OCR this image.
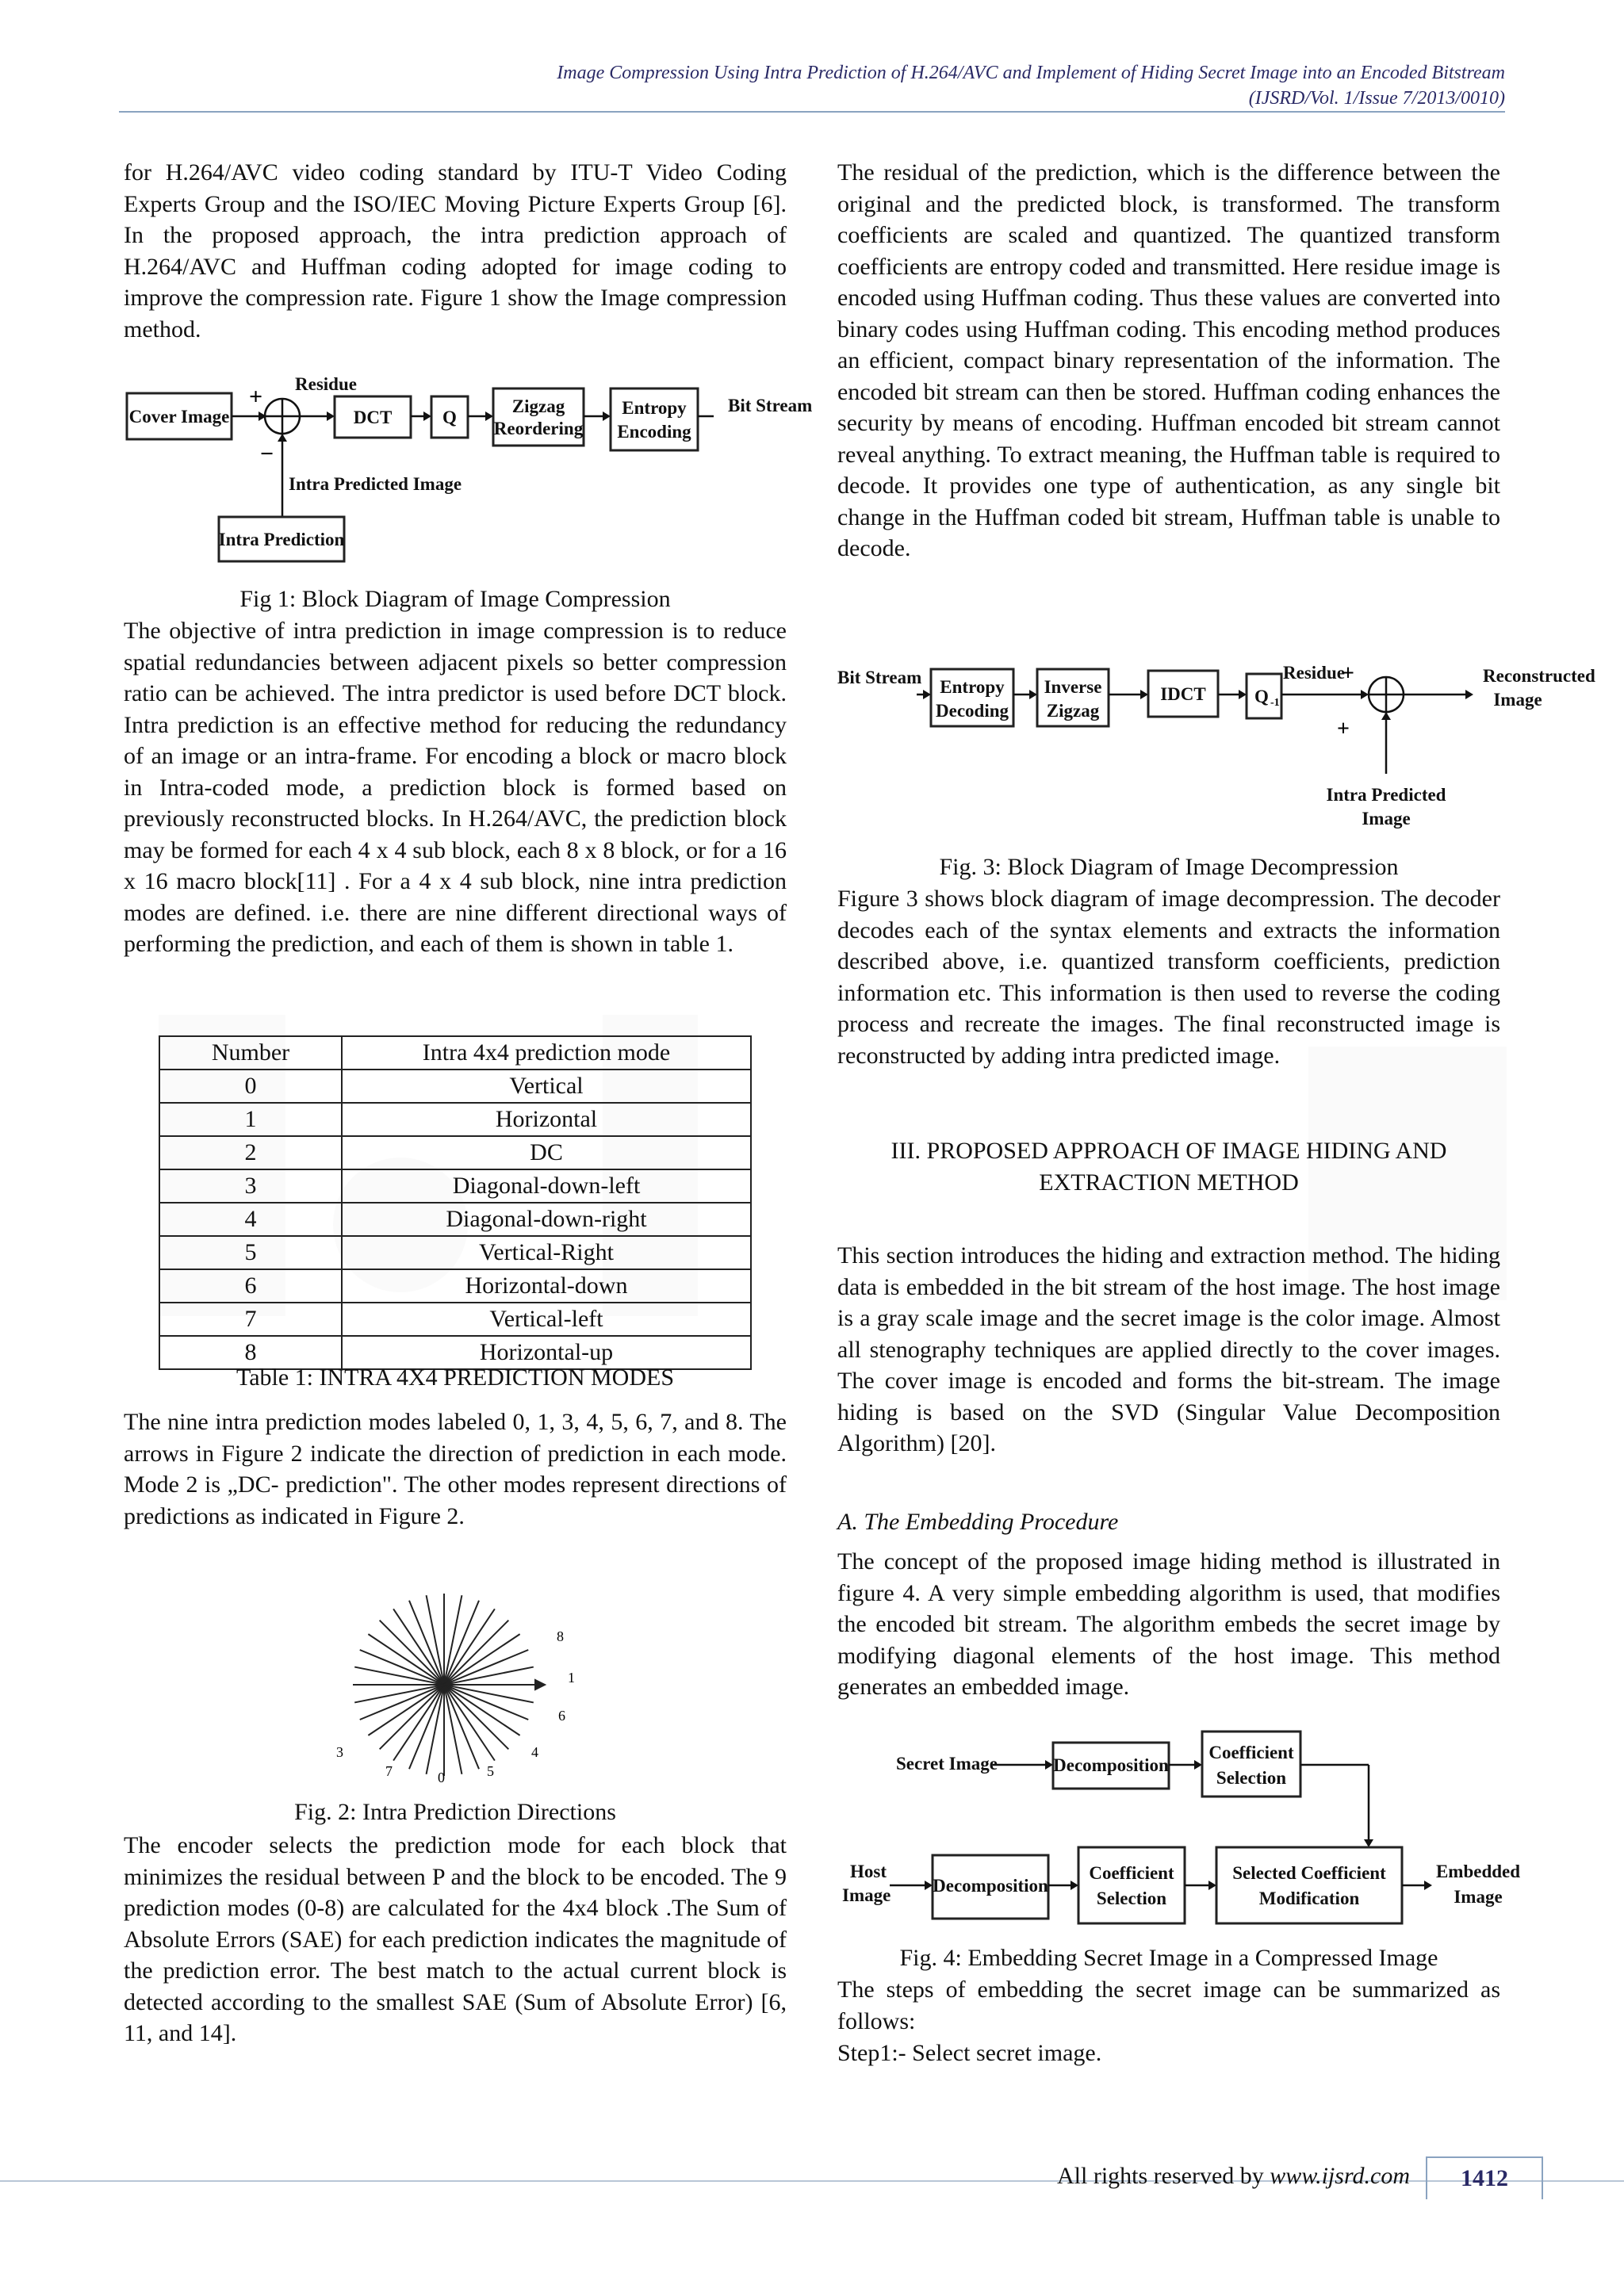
Image Compression Using Intra Prediction of H.264/AVC and Implement of Hiding Secret Image into an Encoded Bitstream
(IJSRD/Vol. 1/Issue 7/2013/0010)

for H.264/AVC video coding standard by ITU-T Video Coding Experts Group and the ISO/IEC Moving Picture Experts Group [6]. In the proposed approach, the intra prediction approach of H.264/AVC and Huffman coding adopted for image coding to improve the compression rate. Figure 1 show the Image compression method.

Cover Image
+
−
Residue
DCT	Q
Zigzag
Reordering
Entropy
Encoding
Bit Stream
Intra Predicted Image
Intra Prediction
Fig 1: Block Diagram of Image Compression

The objective of intra prediction in image compression is to reduce spatial redundancies between adjacent pixels so better compression ratio can be achieved. The intra predictor is used before DCT block. Intra prediction is an effective method for reducing the redundancy of an image or an intra-frame. For encoding a block or macro block in Intra-coded mode, a prediction block is formed based on previously reconstructed blocks. In H.264/AVC, the prediction block may be formed for each 4 x 4 sub block, each 8 x 8 block, or for a 16 x 16 macro block[11] . For a 4 x 4 sub block, nine intra prediction modes are defined. i.e. there are nine different directional ways of performing the prediction, and each of them is shown in table 1.

Number	Intra 4x4 prediction mode
0	Vertical
1	Horizontal
2	DC
3	Diagonal-down-left
4	Diagonal-down-right
5	Vertical-Right
6	Horizontal-down
7	Vertical-left
8	Horizontal-up
Table 1: INTRA 4X4 PREDICTION MODES

The nine intra prediction modes labeled 0, 1, 3, 4, 5, 6, 7, and 8. The arrows in Figure 2 indicate the direction of prediction in each mode. Mode 2 is „DC- prediction". The other modes represent directions of predictions as indicated in Figure 2.

8
1
6
3
7	0	5
4
Fig. 2: Intra Prediction Directions

The encoder selects the prediction mode for each block that minimizes the residual between P and the block to be encoded. The 9 prediction modes (0-8) are calculated for the 4x4 block .The Sum of Absolute Errors (SAE) for each prediction indicates the magnitude of the prediction error. The best match to the actual current block is detected according to the smallest SAE (Sum of Absolute Error) [6, 11, and 14].

The residual of the prediction, which is the difference between the original and the predicted block, is transformed. The transform coefficients are scaled and quantized. The quantized transform coefficients are entropy coded and transmitted. Here residue image is encoded using Huffman coding. Thus these values are converted into binary codes using Huffman coding. This encoding method produces an efficient, compact binary representation of the information. The encoded bit stream can then be stored. Huffman coding enhances the security by means of encoding. Huffman encoded bit stream cannot reveal anything. To extract meaning, the Huffman table is required to decode. It provides one type of authentication, as any single bit change in the Huffman coded bit stream, Huffman table is unable to decode.

Bit Stream Entropy
Decoding
Inverse
Zigzag
IDCT	Q -1
Residue
+	Reconstructed
Image
+
Intra Predicted
Image
Fig. 3: Block Diagram of Image Decompression

Figure 3 shows block diagram of image decompression. The decoder decodes each of the syntax elements and extracts the information described above, i.e. quantized transform coefficients, prediction information etc. This information is then used to reverse the coding process and recreate the images. The final reconstructed image is reconstructed by adding intra predicted image.

III. PROPOSED APPROACH OF IMAGE HIDING AND
EXTRACTION METHOD

This section introduces the hiding and extraction method. The hiding data is embedded in the bit stream of the host image. The host image is a gray scale image and the secret image is the color image. Almost all stenography techniques are applied directly to the cover images. The cover image is encoded and forms the bit-stream. The image hiding is based on the SVD (Singular Value Decomposition Algorithm) [20].

A. The Embedding Procedure

The concept of the proposed image hiding method is illustrated in figure 4. A very simple embedding algorithm is used, that modifies the encoded bit stream. The algorithm embeds the secret image by modifying diagonal elements of the host image. This method generates an embedded image.

Secret Image	Decomposition
Coefficient
Selection
Host
Image Decomposition
Coefficient
Selection
Selected Coefficient
Modification
Embedded
Image
Fig. 4: Embedding Secret Image in a Compressed Image

The steps of embedding the secret image can be summarized as follows:

Step1:- Select secret image.

All rights reserved by www.ijsrd.com	1412
